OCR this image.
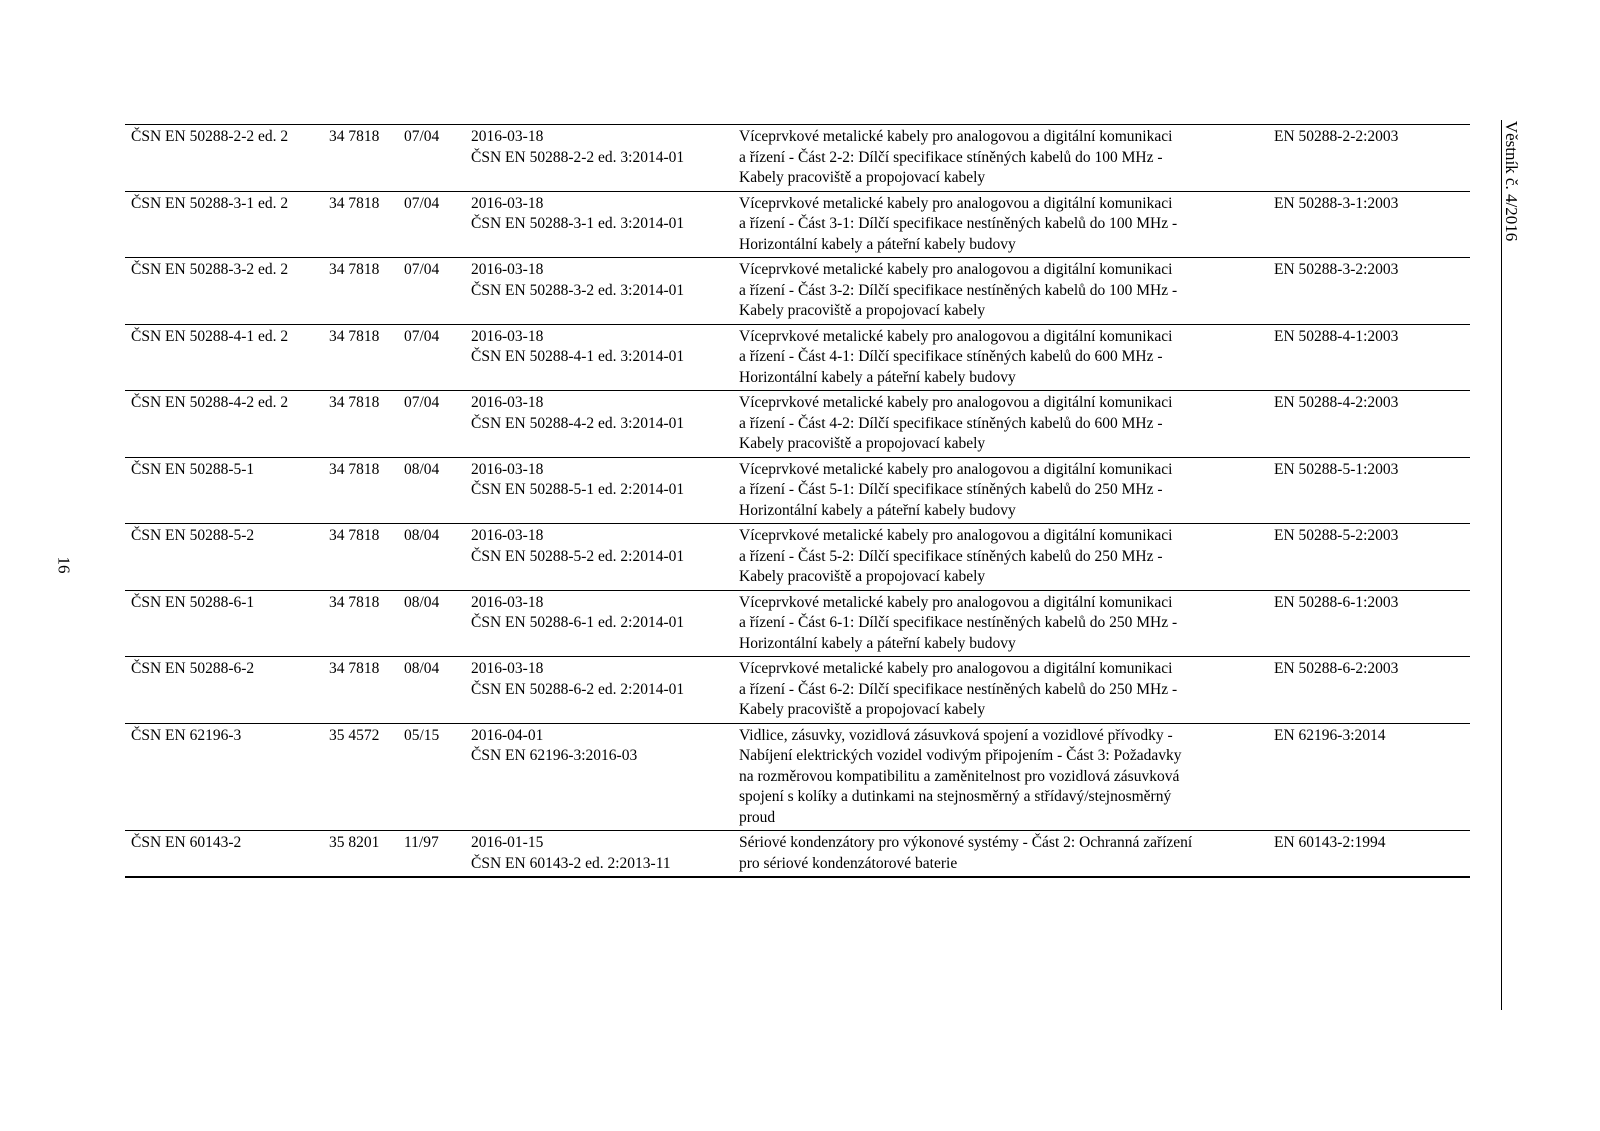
16
Věstník č. 4/2016
ČSN EN 50288-2-2 ed. 2	34 7818	07/04	2016-03-18
ČSN EN 50288-2-2 ed. 3:2014-01	Víceprvkové metalické kabely pro analogovou a digitální komunikaci
a řízení - Část 2-2: Dílčí specifikace stíněných kabelů do 100 MHz -
Kabely pracoviště a propojovací kabely	EN 50288-2-2:2003
ČSN EN 50288-3-1 ed. 2	34 7818	07/04	2016-03-18
ČSN EN 50288-3-1 ed. 3:2014-01	Víceprvkové metalické kabely pro analogovou a digitální komunikaci
a řízení - Část 3-1: Dílčí specifikace nestíněných kabelů do 100 MHz -
Horizontální kabely a páteřní kabely budovy	EN 50288-3-1:2003
ČSN EN 50288-3-2 ed. 2	34 7818	07/04	2016-03-18
ČSN EN 50288-3-2 ed. 3:2014-01	Víceprvkové metalické kabely pro analogovou a digitální komunikaci
a řízení - Část 3-2: Dílčí specifikace nestíněných kabelů do 100 MHz -
Kabely pracoviště a propojovací kabely	EN 50288-3-2:2003
ČSN EN 50288-4-1 ed. 2	34 7818	07/04	2016-03-18
ČSN EN 50288-4-1 ed. 3:2014-01	Víceprvkové metalické kabely pro analogovou a digitální komunikaci
a řízení - Část 4-1: Dílčí specifikace stíněných kabelů do 600 MHz -
Horizontální kabely a páteřní kabely budovy	EN 50288-4-1:2003
ČSN EN 50288-4-2 ed. 2	34 7818	07/04	2016-03-18
ČSN EN 50288-4-2 ed. 3:2014-01	Víceprvkové metalické kabely pro analogovou a digitální komunikaci
a řízení - Část 4-2: Dílčí specifikace stíněných kabelů do 600 MHz -
Kabely pracoviště a propojovací kabely	EN 50288-4-2:2003
ČSN EN 50288-5-1	34 7818	08/04	2016-03-18
ČSN EN 50288-5-1 ed. 2:2014-01	Víceprvkové metalické kabely pro analogovou a digitální komunikaci
a řízení - Část 5-1: Dílčí specifikace stíněných kabelů do 250 MHz -
Horizontální kabely a páteřní kabely budovy	EN 50288-5-1:2003
ČSN EN 50288-5-2	34 7818	08/04	2016-03-18
ČSN EN 50288-5-2 ed. 2:2014-01	Víceprvkové metalické kabely pro analogovou a digitální komunikaci
a řízení - Část 5-2: Dílčí specifikace stíněných kabelů do 250 MHz -
Kabely pracoviště a propojovací kabely	EN 50288-5-2:2003
ČSN EN 50288-6-1	34 7818	08/04	2016-03-18
ČSN EN 50288-6-1 ed. 2:2014-01	Víceprvkové metalické kabely pro analogovou a digitální komunikaci
a řízení - Část 6-1: Dílčí specifikace nestíněných kabelů do 250 MHz -
Horizontální kabely a páteřní kabely budovy	EN 50288-6-1:2003
ČSN EN 50288-6-2	34 7818	08/04	2016-03-18
ČSN EN 50288-6-2 ed. 2:2014-01	Víceprvkové metalické kabely pro analogovou a digitální komunikaci
a řízení - Část 6-2: Dílčí specifikace nestíněných kabelů do 250 MHz -
Kabely pracoviště a propojovací kabely	EN 50288-6-2:2003
ČSN EN 62196-3	35 4572	05/15	2016-04-01
ČSN EN 62196-3:2016-03	Vidlice, zásuvky, vozidlová zásuvková spojení a vozidlové přívodky -
Nabíjení elektrických vozidel vodivým připojením - Část 3: Požadavky
na rozměrovou kompatibilitu a zaměnitelnost pro vozidlová zásuvková
spojení s kolíky a dutinkami na stejnosměrný a střídavý/stejnosměrný
proud	EN 62196-3:2014
ČSN EN 60143-2	35 8201	11/97	2016-01-15
ČSN EN 60143-2 ed. 2:2013-11	Sériové kondenzátory pro výkonové systémy - Část 2: Ochranná zařízení
pro sériové kondenzátorové baterie	EN 60143-2:1994
